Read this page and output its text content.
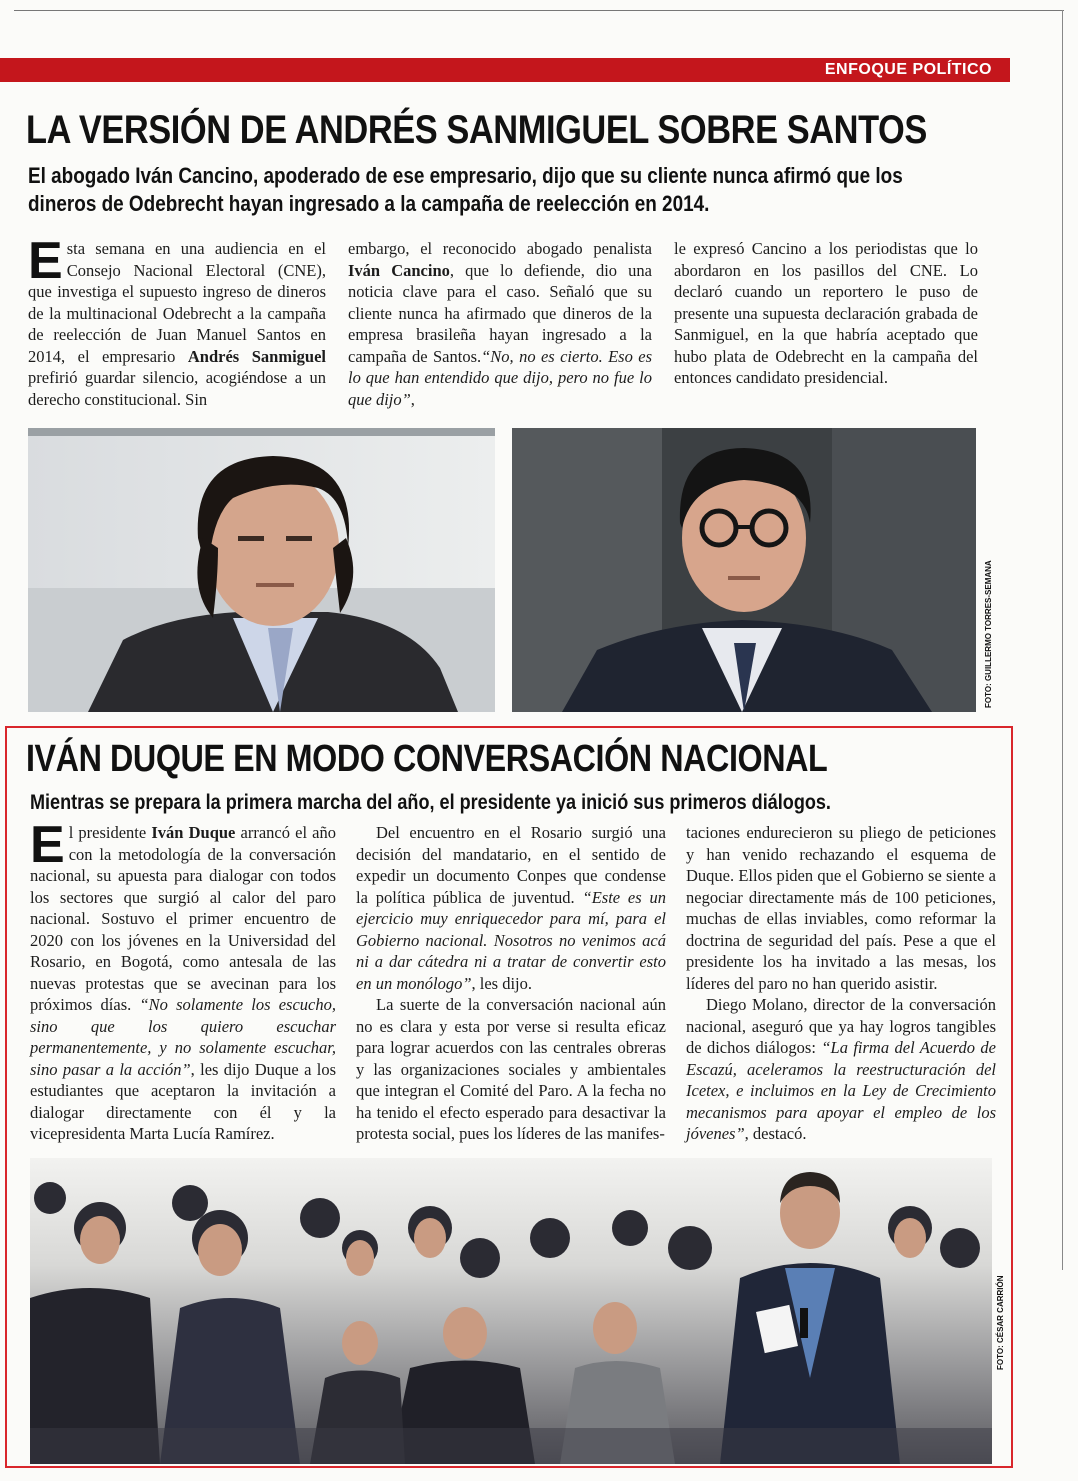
ENFOQUE POLÍTICO
LA VERSIÓN DE ANDRÉS SANMIGUEL SOBRE SANTOS

El abogado Iván Cancino, apoderado de ese empresario, dijo que su cliente nunca afirmó que los dineros de Odebrecht hayan ingresado a la campaña de reelección en 2014.

Esta semana en una audiencia en el Consejo Nacional Electoral (CNE), que investiga el supuesto ingreso de dineros de la multinacional Odebrecht a la campaña de reelección de Juan Manuel Santos en 2014, el empresario Andrés Sanmiguel prefirió guardar silencio, acogiéndose a un derecho constitucional. Sin

embargo, el reconocido abogado penalista Iván Cancino, que lo defiende, dio una noticia clave para el caso. Señaló que su cliente nunca ha afirmado que dineros de la empresa brasileña hayan ingresado a la campaña de Santos.“No, no es cierto. Eso es lo que han entendido que dijo, pero no fue lo que dijo”,

le expresó Cancino a los periodistas que lo abordaron en los pasillos del CNE. Lo declaró cuando un reportero le puso de presente una supuesta declaración grabada de Sanmiguel, en la que habría aceptado que hubo plata de Odebrecht en la campaña del entonces candidato presidencial.

FOTO: GUILLERMO TORRES-SEMANA
IVÁN DUQUE EN MODO CONVERSACIÓN NACIONAL

Mientras se prepara la primera marcha del año, el presidente ya inició sus primeros diálogos.

El presidente Iván Duque arrancó el año con la metodología de la conversación nacional, su apuesta para dialogar con todos los sectores que surgió al calor del paro nacional. Sostuvo el primer encuentro de 2020 con los jóvenes en la Universidad del Rosario, en Bogotá, como antesala de las nuevas protestas que se avecinan para los próximos días. “No solamente los escucho, sino que los quiero escuchar permanentemente, y no solamente escuchar, sino pasar a la acción”, les dijo Duque a los estudiantes que aceptaron la invitación a dialogar directamente con él y la vicepresidenta Marta Lucía Ramírez.

Del encuentro en el Rosario surgió una decisión del mandatario, en el sentido de expedir un documento Conpes que condense la política pública de juventud. “Este es un ejercicio muy enriquecedor para mí, para el Gobierno nacional. Nosotros no venimos acá ni a dar cátedra ni a tratar de convertir esto en un monólogo”, les dijo.

La suerte de la conversación nacional aún no es clara y esta por verse si resulta eficaz para lograr acuerdos con las centrales obreras y las organizaciones sociales y ambientales que integran el Comité del Paro. A la fecha no ha tenido el efecto esperado para desactivar la protesta social, pues los líderes de las manifes-

taciones endurecieron su pliego de peticiones y han venido rechazando el esquema de Duque. Ellos piden que el Gobierno se siente a negociar directamente más de 100 peticiones, muchas de ellas inviables, como reformar la doctrina de seguridad del país. Pese a que el presidente los ha invitado a las mesas, los líderes del paro no han querido asistir.

Diego Molano, director de la conversación nacional, aseguró que ya hay logros tangibles de dichos diálogos: “La firma del Acuerdo de Escazú, aceleramos la reestructuración del Icetex, e incluimos en la Ley de Crecimiento mecanismos para apoyar el empleo de los jóvenes”, destacó.

FOTO: CÉSAR CARRIÓN
